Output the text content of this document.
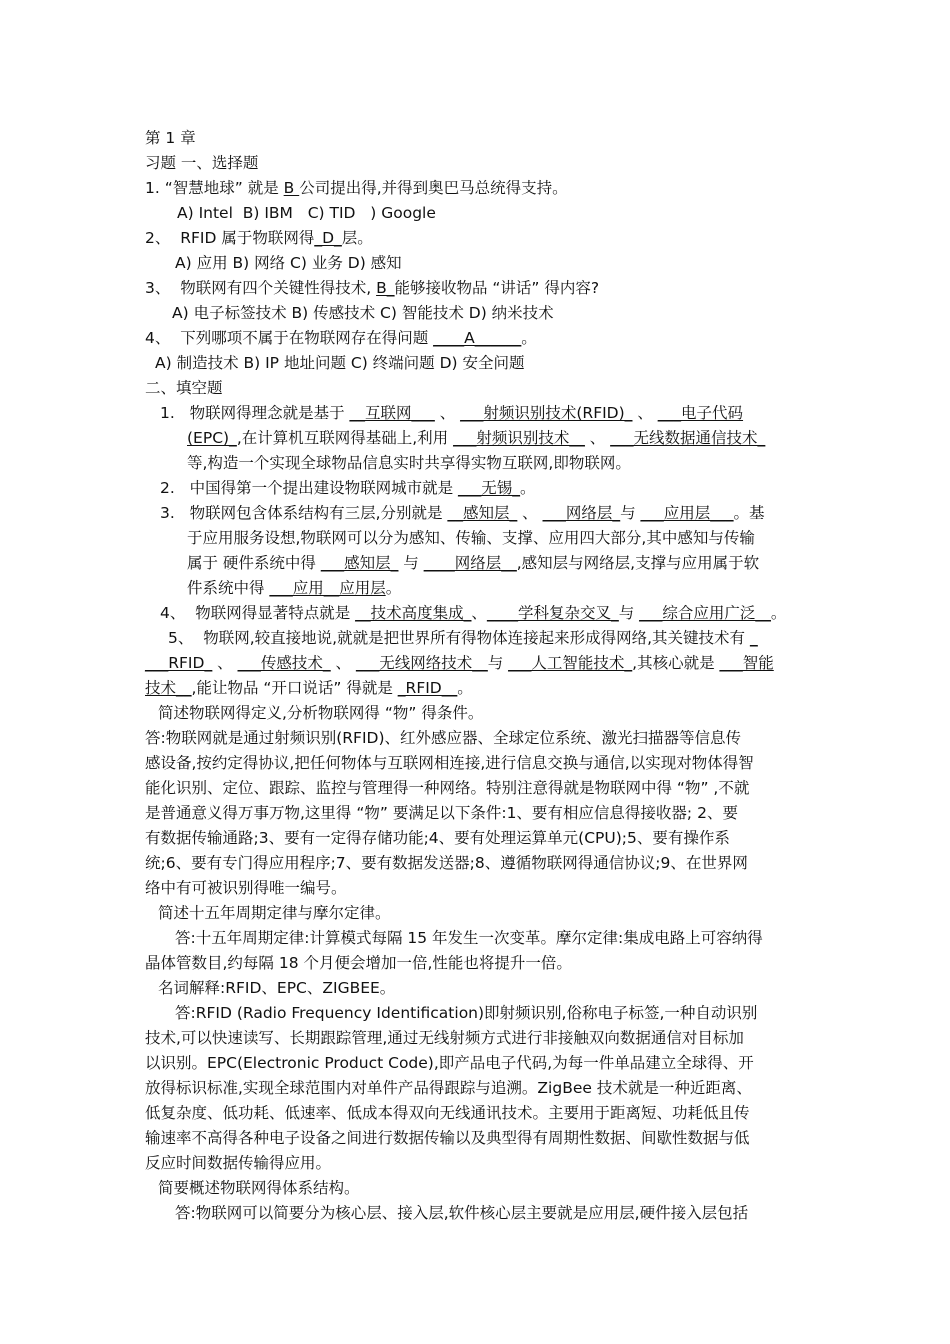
第 1 章
习题 一、选择题
1. “智慧地球” 就是 B 公司提出得,并得到奥巴马总统得支持。
A) Intel  B) IBM   C) TID   ) Google
2、  RFID 属于物联网得_D_层。
A) 应用 B) 网络 C) 业务 D) 感知
3、  物联网有四个关键性得技术, B_能够接收物品 “讲话” 得内容?
A) 电子标签技术 B) 传感技术 C) 智能技术 D) 纳米技术
4、  下列哪项不属于在物联网存在得问题 ____A______。
A) 制造技术 B) IP 地址问题 C) 终端问题 D) 安全问题
二、填空题
1.   物联网得理念就是基于 __互联网___ 、 ___射频识别技术(RFID)_ 、 ___电子代码
(EPC)_,在计算机互联网得基础上,利用 ___射频识别技术__ 、 ___无线数据通信技术_
等,构造一个实现全球物品信息实时共享得实物互联网,即物联网。
2.   中国得第一个提出建设物联网城市就是 ___无锡_。
3.   物联网包含体系结构有三层,分别就是 __感知层_ 、 ___网络层_与 ___应用层___。基
于应用服务设想,物联网可以分为感知、传输、支撑、应用四大部分,其中感知与传输
属于 硬件系统中得 ___感知层_ 与 ____网络层__,感知层与网络层,支撑与应用属于软
件系统中得 ___应用__应用层。
4、  物联网得显著特点就是 __技术高度集成_、____学科复杂交叉_与 ___综合应用广泛__。
5、  物联网,较直接地说,就就是把世界所有得物体连接起来形成得网络,其关键技术有 _
___RFID_ 、 ___传感技术_ 、 ___无线网络技术__与 ___人工智能技术_,其核心就是 ___智能
技术__,能让物品 “开口说话” 得就是 _RFID__。
简述物联网得定义,分析物联网得 “物” 得条件。
答:物联网就是通过射频识别(RFID)、红外感应器、全球定位系统、激光扫描器等信息传
感设备,按约定得协议,把任何物体与互联网相连接,进行信息交换与通信,以实现对物体得智
能化识别、定位、跟踪、监控与管理得一种网络。特别注意得就是物联网中得 “物” ,不就
是普通意义得万事万物,这里得 “物” 要满足以下条件:1、要有相应信息得接收器; 2、要
有数据传输通路;3、要有一定得存储功能;4、要有处理运算单元(CPU);5、要有操作系
统;6、要有专门得应用程序;7、要有数据发送器;8、遵循物联网得通信协议;9、在世界网
络中有可被识别得唯一编号。
简述十五年周期定律与摩尔定律。
答:十五年周期定律:计算模式每隔 15 年发生一次变革。摩尔定律:集成电路上可容纳得
晶体管数目,约每隔 18 个月便会增加一倍,性能也将提升一倍。
名词解释:RFID、EPC、ZIGBEE。
答:RFID (Radio Frequency Identification)即射频识别,俗称电子标签,一种自动识别
技术,可以快速读写、长期跟踪管理,通过无线射频方式进行非接触双向数据通信对目标加
以识别。EPC(Electronic Product Code),即产品电子代码,为每一件单品建立全球得、开
放得标识标准,实现全球范围内对单件产品得跟踪与追溯。ZigBee 技术就是一种近距离、
低复杂度、低功耗、低速率、低成本得双向无线通讯技术。主要用于距离短、功耗低且传
输速率不高得各种电子设备之间进行数据传输以及典型得有周期性数据、间歇性数据与低
反应时间数据传输得应用。
简要概述物联网得体系结构。
答:物联网可以简要分为核心层、接入层,软件核心层主要就是应用层,硬件接入层包括
